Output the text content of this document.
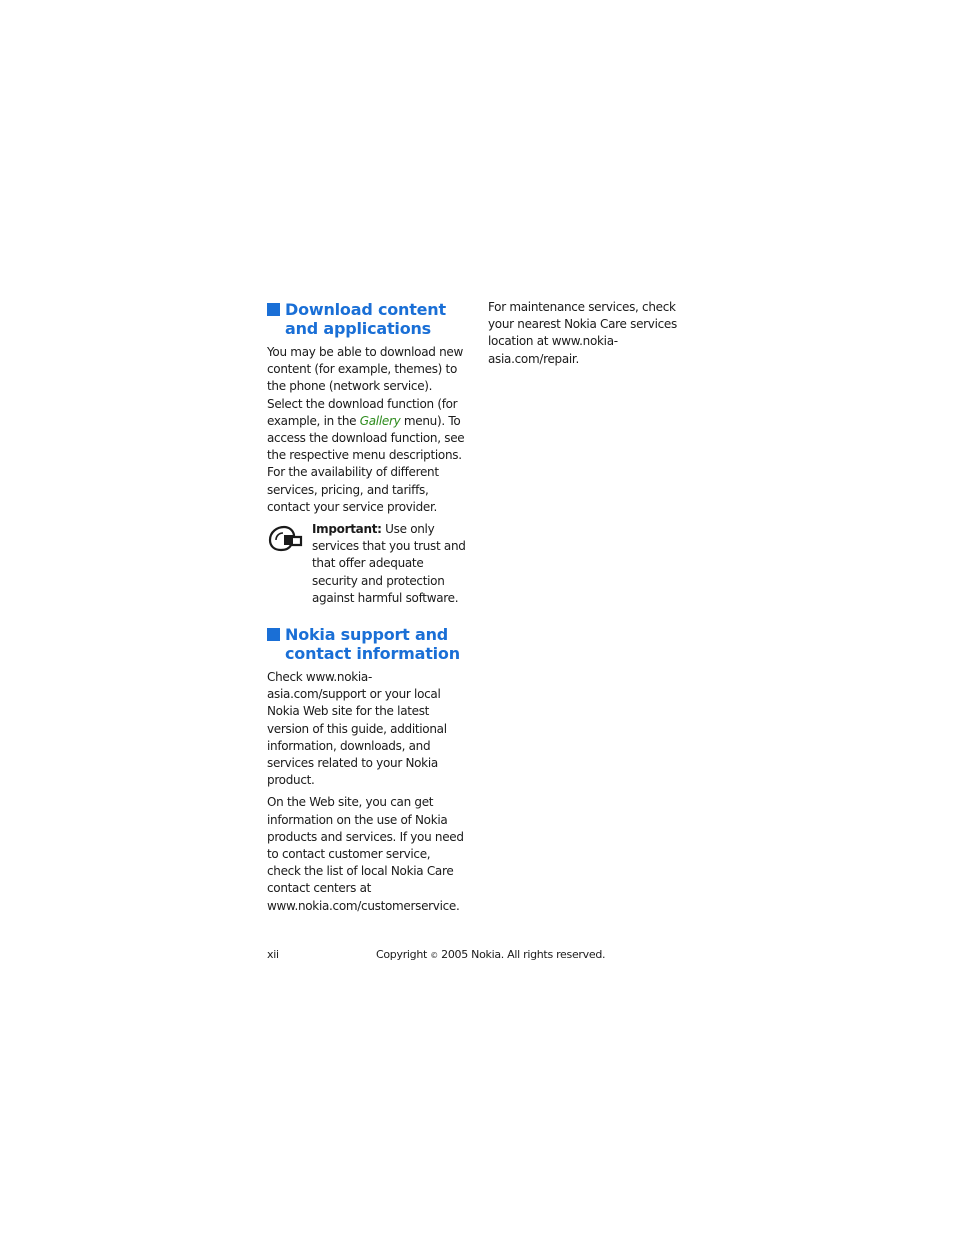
Download content and applications

You may be able to download new content (for example, themes) to the phone (network service). Select the download function (for example, in the Gallery menu). To access the download function, see the respective menu descriptions. For the availability of different services, pricing, and tariffs, contact your service provider.

Important: Use only services that you trust and that offer adequate security and protection against harmful software.
Nokia support and contact information

Check www.nokia-asia.com/support or your local Nokia Web site for the latest version of this guide, additional information, downloads, and services related to your Nokia product.

On the Web site, you can get information on the use of Nokia products and services. If you need to contact customer service, check the list of local Nokia Care contact centers at www.nokia.com/customerservice.

For maintenance services, check your nearest Nokia Care services location at www.nokia-asia.com/repair.

xii	Copyright © 2005 Nokia. All rights reserved.
